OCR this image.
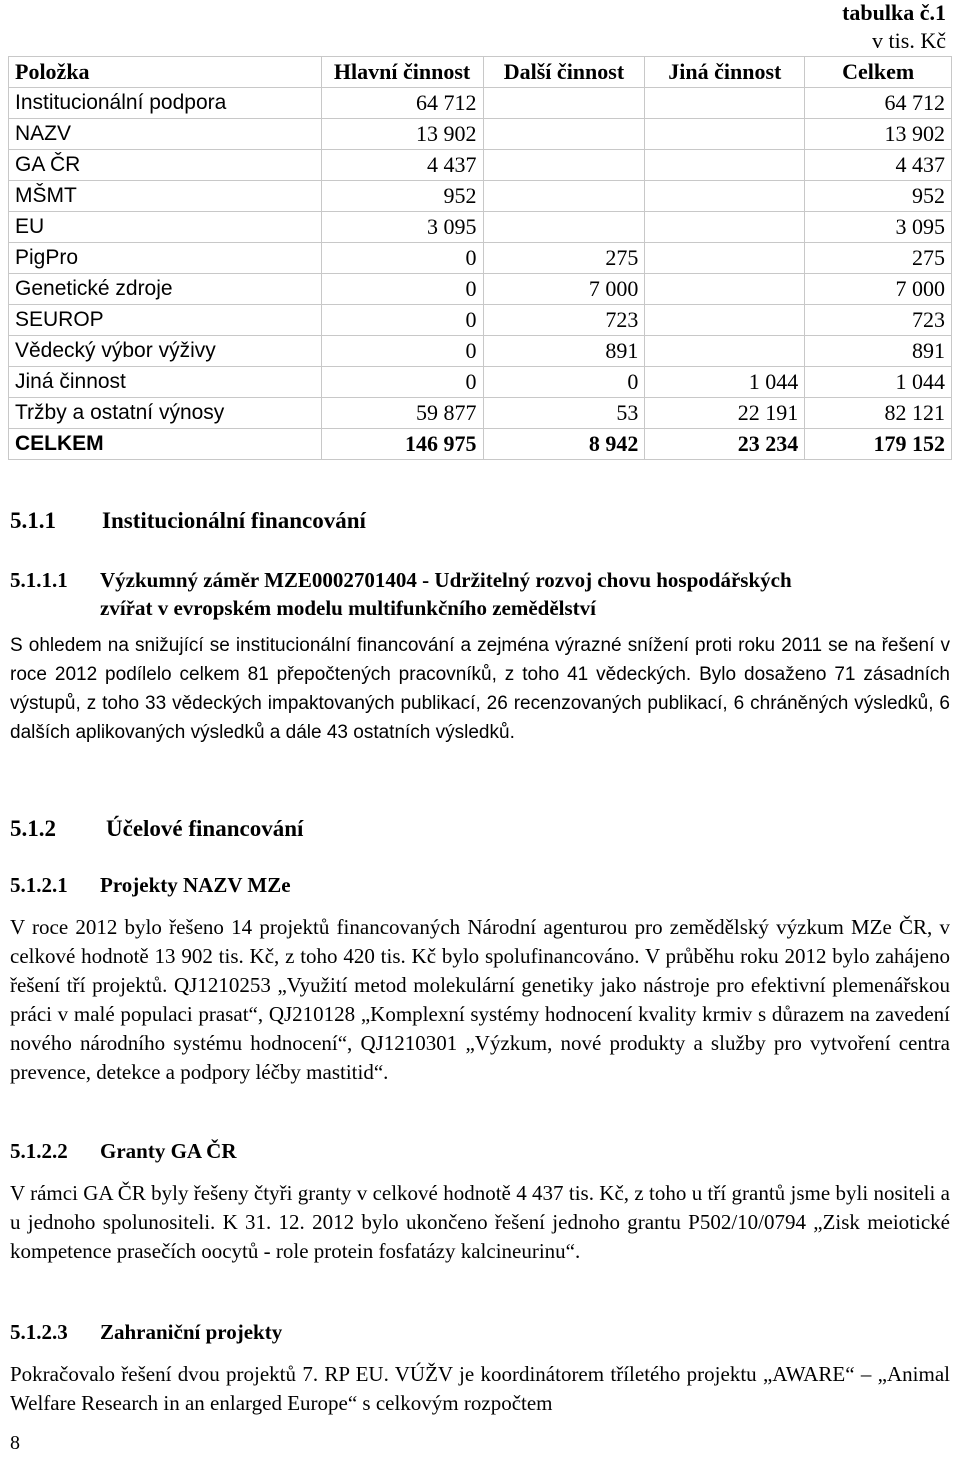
tabulka č.1
v tis. Kč
Položka	Hlavní činnost	Další činnost	Jiná činnost	Celkem
Institucionální podpora	64 712			64 712
NAZV	13 902			13 902
GA ČR	4 437			4 437
MŠMT	952			952
EU	3 095			3 095
PigPro	0	275		275
Genetické zdroje	0	7 000		7 000
SEUROP	0	723		723
Vědecký výbor výživy	0	891		891
Jiná činnost	0	0	1 044	1 044
Tržby a ostatní výnosy	59 877	53	22 191	82 121
CELKEM	146 975	8 942	23 234	179 152
5.1.1 Institucionální financování
5.1.1.1 Výzkumný záměr MZE0002701404 - Udržitelný rozvoj chovu hospodářských
zvířat v evropském modelu multifunkčního zemědělství
S ohledem na snižující se institucionální financování a zejména výrazné snížení proti roku 2011 se na řešení v roce 2012 podílelo celkem 81 přepočtených pracovníků, z toho 41 vědeckých. Bylo dosaženo 71 zásadních výstupů, z toho 33 vědeckých impaktovaných publikací, 26 recenzovaných publikací, 6 chráněných výsledků, 6 dalších aplikovaných výsledků a dále 43 ostatních výsledků.
5.1.2 Účelové financování
5.1.2.1 Projekty NAZV MZe
V roce 2012 bylo řešeno 14 projektů financovaných Národní agenturou pro zemědělský výzkum MZe ČR, v celkové hodnotě 13 902 tis. Kč, z toho 420 tis. Kč bylo spolufinancováno. V průběhu roku 2012 bylo zahájeno řešení tří projektů. QJ1210253 „Využití metod molekulární genetiky jako nástroje pro efektivní plemenářskou práci v malé populaci prasat“, QJ210128 „Komplexní systémy hodnocení kvality krmiv s důrazem na zavedení nového národního systému hodnocení“, QJ1210301 „Výzkum, nové produkty a služby pro vytvoření centra prevence, detekce a podpory léčby mastitid“.
5.1.2.2 Granty GA ČR
V rámci GA ČR byly řešeny čtyři granty v celkové hodnotě 4 437 tis. Kč, z toho u tří grantů jsme byli nositeli a u jednoho spolunositeli. K 31. 12. 2012 bylo ukončeno řešení jednoho grantu P502/10/0794 „Zisk meiotické kompetence prasečích oocytů - role protein fosfatázy kalcineurinu“.
5.1.2.3 Zahraniční projekty
Pokračovalo řešení dvou projektů 7. RP EU. VÚŽV je koordinátorem tříletého projektu „AWARE“ – „Animal Welfare Research in an enlarged Europe“ s celkovým rozpočtem
8
